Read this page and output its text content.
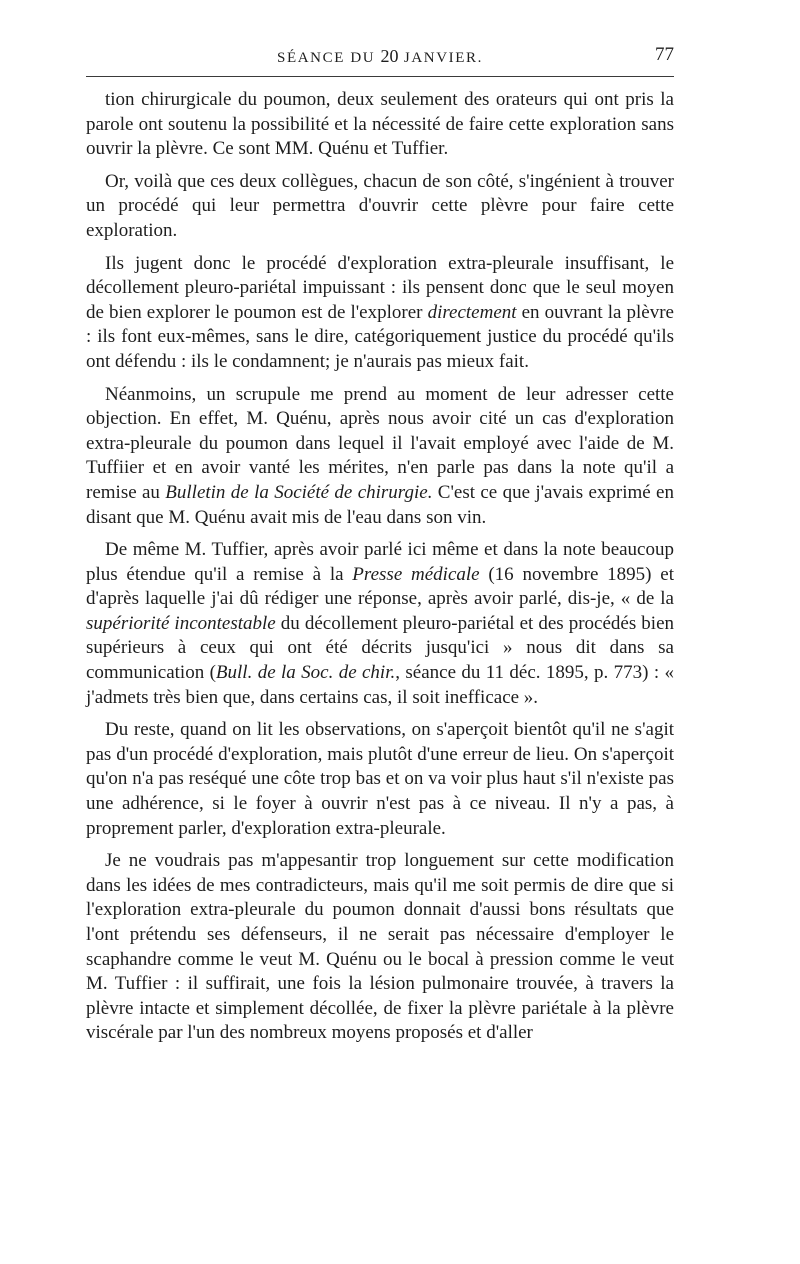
SÉANCE DU 20 JANVIER.	77

tion chirurgicale du poumon, deux seulement des orateurs qui ont pris la parole ont soutenu la possibilité et la nécessité de faire cette exploration sans ouvrir la plèvre. Ce sont MM. Quénu et Tuffier.

Or, voilà que ces deux collègues, chacun de son côté, s'ingénient à trouver un procédé qui leur permettra d'ouvrir cette plèvre pour faire cette exploration.

Ils jugent donc le procédé d'exploration extra-pleurale insuffisant, le décollement pleuro-pariétal impuissant : ils pensent donc que le seul moyen de bien explorer le poumon est de l'explorer directement en ouvrant la plèvre : ils font eux-mêmes, sans le dire, catégoriquement justice du procédé qu'ils ont défendu : ils le condamnent; je n'aurais pas mieux fait.

Néanmoins, un scrupule me prend au moment de leur adresser cette objection. En effet, M. Quénu, après nous avoir cité un cas d'exploration extra-pleurale du poumon dans lequel il l'avait employé avec l'aide de M. Tuffiier et en avoir vanté les mérites, n'en parle pas dans la note qu'il a remise au Bulletin de la Société de chirurgie. C'est ce que j'avais exprimé en disant que M. Quénu avait mis de l'eau dans son vin.

De même M. Tuffier, après avoir parlé ici même et dans la note beaucoup plus étendue qu'il a remise à la Presse médicale (16 novembre 1895) et d'après laquelle j'ai dû rédiger une réponse, après avoir parlé, dis-je, « de la supériorité incontestable du décollement pleuro-pariétal et des procédés bien supérieurs à ceux qui ont été décrits jusqu'ici » nous dit dans sa communication (Bull. de la Soc. de chir., séance du 11 déc. 1895, p. 773) : « j'admets très bien que, dans certains cas, il soit inefficace ».

Du reste, quand on lit les observations, on s'aperçoit bientôt qu'il ne s'agit pas d'un procédé d'exploration, mais plutôt d'une erreur de lieu. On s'aperçoit qu'on n'a pas reséqué une côte trop bas et on va voir plus haut s'il n'existe pas une adhérence, si le foyer à ouvrir n'est pas à ce niveau. Il n'y a pas, à proprement parler, d'exploration extra-pleurale.

Je ne voudrais pas m'appesantir trop longuement sur cette modification dans les idées de mes contradicteurs, mais qu'il me soit permis de dire que si l'exploration extra-pleurale du poumon donnait d'aussi bons résultats que l'ont prétendu ses défenseurs, il ne serait pas nécessaire d'employer le scaphandre comme le veut M. Quénu ou le bocal à pression comme le veut M. Tuffier : il suffirait, une fois la lésion pulmonaire trouvée, à travers la plèvre intacte et simplement décollée, de fixer la plèvre pariétale à la plèvre viscérale par l'un des nombreux moyens proposés et d'aller
